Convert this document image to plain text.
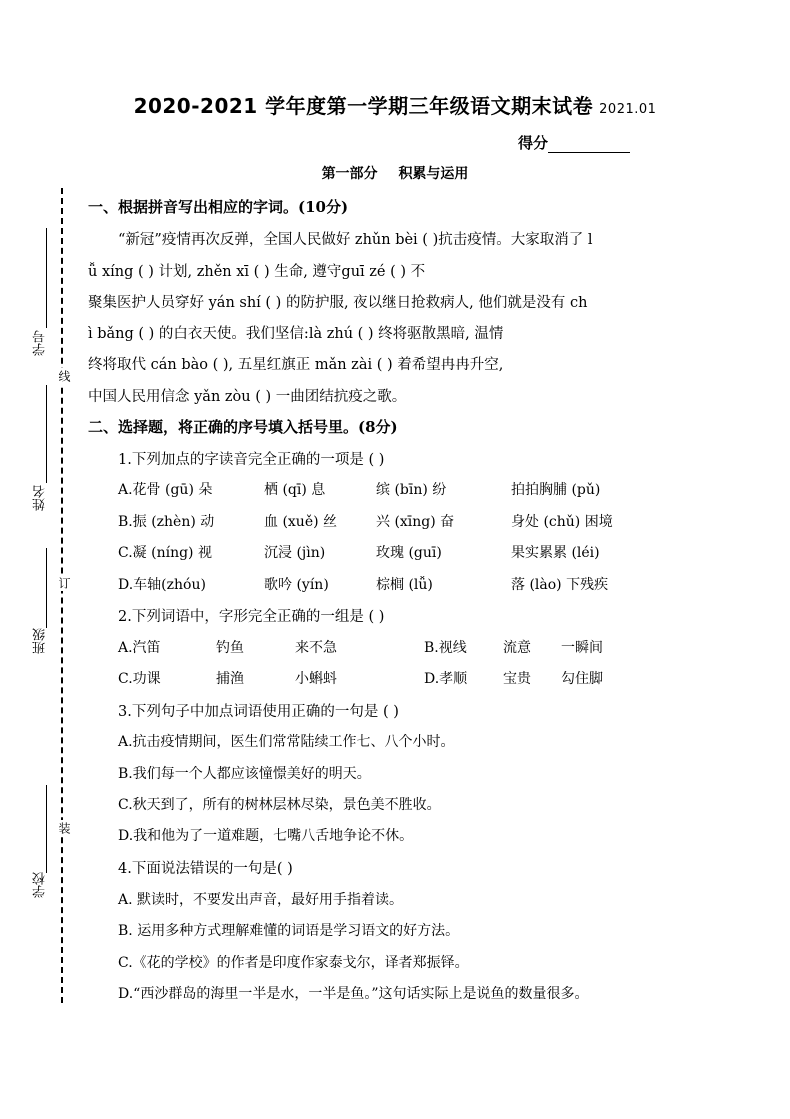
2020-2021 学年度第一学期三年级语文期末试卷 2021.01
得分
第一部分 积累与运用
线
订
装
学号
姓名
班级
学校
一、根据拼音写出相应的字词。(10分)
“新冠”疫情再次反弹，全国人民做好 zhǔn bèi ( )抗击疫情。大家取消了 l
ǚ xíng ( ) 计划, zhěn xī ( ) 生命, 遵守guī zé ( ) 不
聚集医护人员穿好 yán shí ( ) 的防护服, 夜以继日抢救病人, 他们就是没有 ch
ì bǎng ( ) 的白衣天使。我们坚信:là zhú ( ) 终将驱散黑暗, 温情
终将取代 cán bào ( ), 五星红旗正 mǎn zài ( ) 着希望冉冉升空,
中国人民用信念 yǎn zòu ( ) 一曲团结抗疫之歌。
二、选择题，将正确的序号填入括号里。(8分)
1.下列加点的字读音完全正确的一项是 ( )
A.花骨 (gū) 朵	栖 (qī) 息	缤 (bīn) 纷	拍拍胸脯 (pǔ)
B.振 (zhèn) 动	血 (xuě) 丝	兴 (xīng) 奋	身处 (chǔ) 困境
C.凝 (níng) 视	沉浸 (jìn)	玫瑰 (guī)	果实累累 (léi)
D.车轴(zhóu)	歌吟 (yín)	棕榈 (lǚ)	落 (lào) 下残疾
2.下列词语中，字形完全正确的一组是 ( )
A.汽笛	钓鱼	来不急	B.视线	流意 一瞬间
C.功课	捕渔	小蝌蚪	D.孝顺	宝贵 勾住脚
3.下列句子中加点词语使用正确的一句是 ( )
A.抗击疫情期间，医生们常常陆续工作七、八个小时。
B.我们每一个人都应该憧憬美好的明天。
C.秋天到了，所有的树林层林尽染，景色美不胜收。
D.我和他为了一道难题，七嘴八舌地争论不休。
4.下面说法错误的一句是( )
A. 默读时，不要发出声音，最好用手指着读。
B. 运用多种方式理解难懂的词语是学习语文的好方法。
C.《花的学校》的作者是印度作家泰戈尔，译者郑振铎。
D.“西沙群岛的海里一半是水，一半是鱼。”这句话实际上是说鱼的数量很多。
